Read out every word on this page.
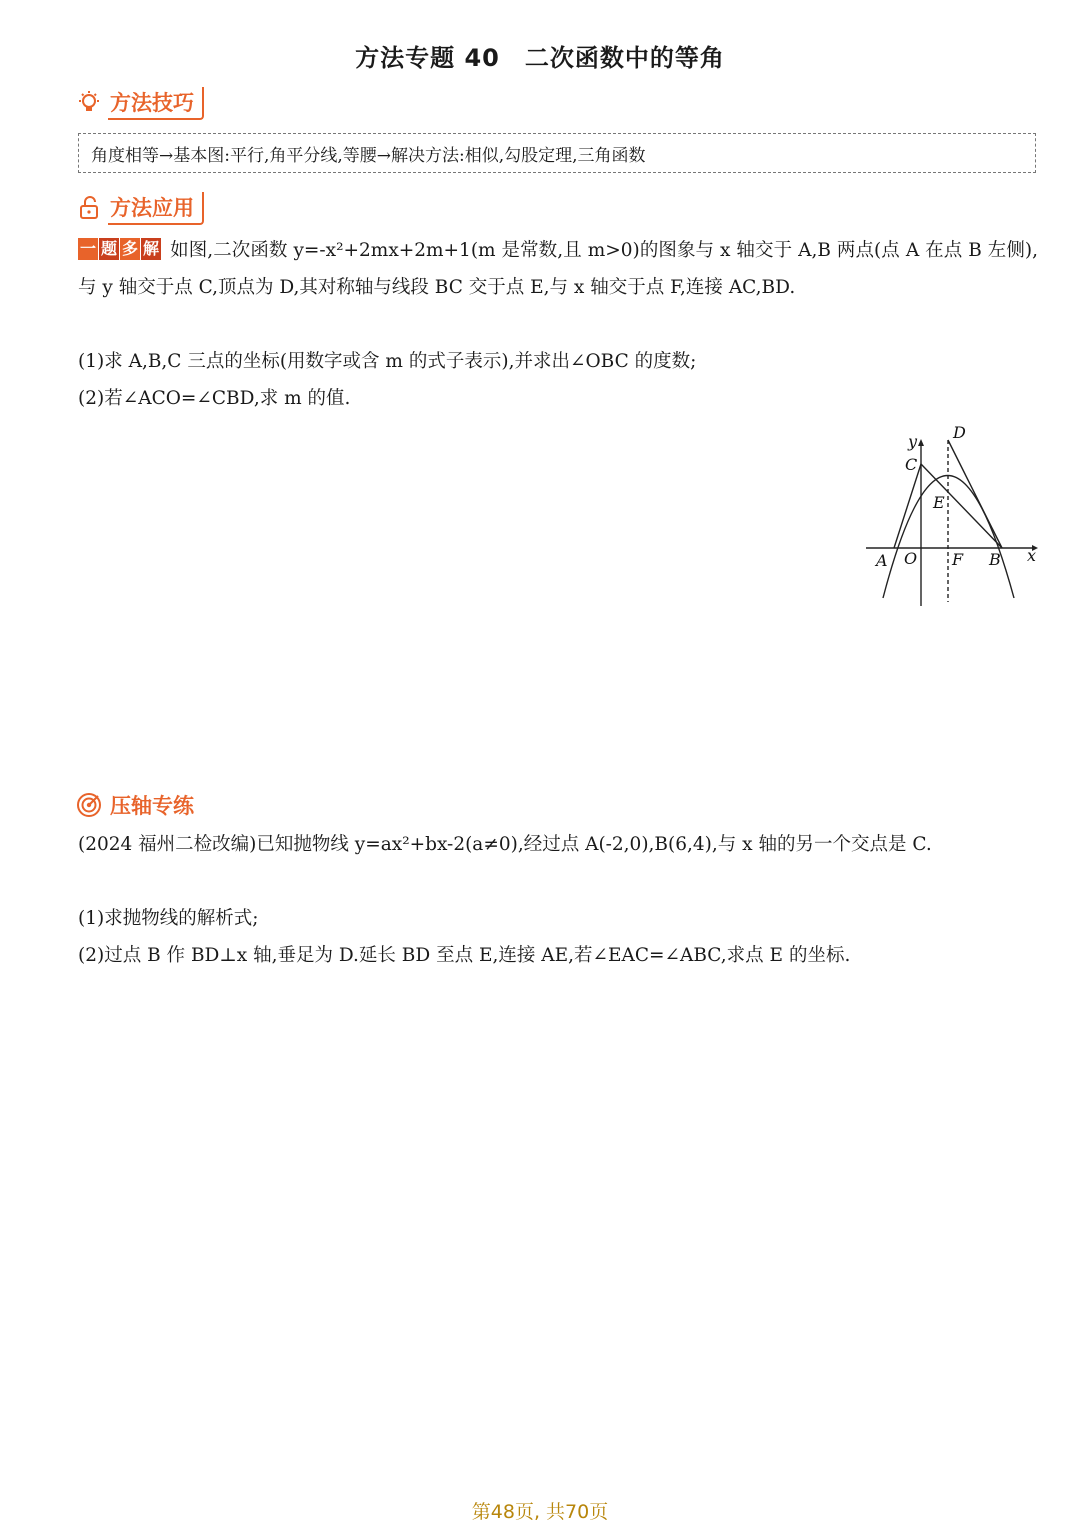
方法专题 40　二次函数中的等角
方法技巧
角度相等→基本图:平行,角平分线,等腰→解决方法:相似,勾股定理,三角函数
方法应用
一 题 多 解 如图,二次函数 y=-x²+2mx+2m+1(m 是常数,且 m>0)的图象与 x 轴交于 A,B 两点(点 A 在点 B 左侧),与 y 轴交于点 C,顶点为 D,其对称轴与线段 BC 交于点 E,与 x 轴交于点 F,连接 AC,BD.
(1)求 A,B,C 三点的坐标(用数字或含 m 的式子表示),并求出∠OBC 的度数;
(2)若∠ACO=∠CBD,求 m 的值.
y D
C
E
A O F B x
压轴专练
(2024 福州二检改编)已知抛物线 y=ax²+bx-2(a≠0),经过点 A(-2,0),B(6,4),与 x 轴的另一个交点是 C.
(1)求抛物线的解析式;
(2)过点 B 作 BD⊥x 轴,垂足为 D.延长 BD 至点 E,连接 AE,若∠EAC=∠ABC,求点 E 的坐标.
第48页, 共70页
